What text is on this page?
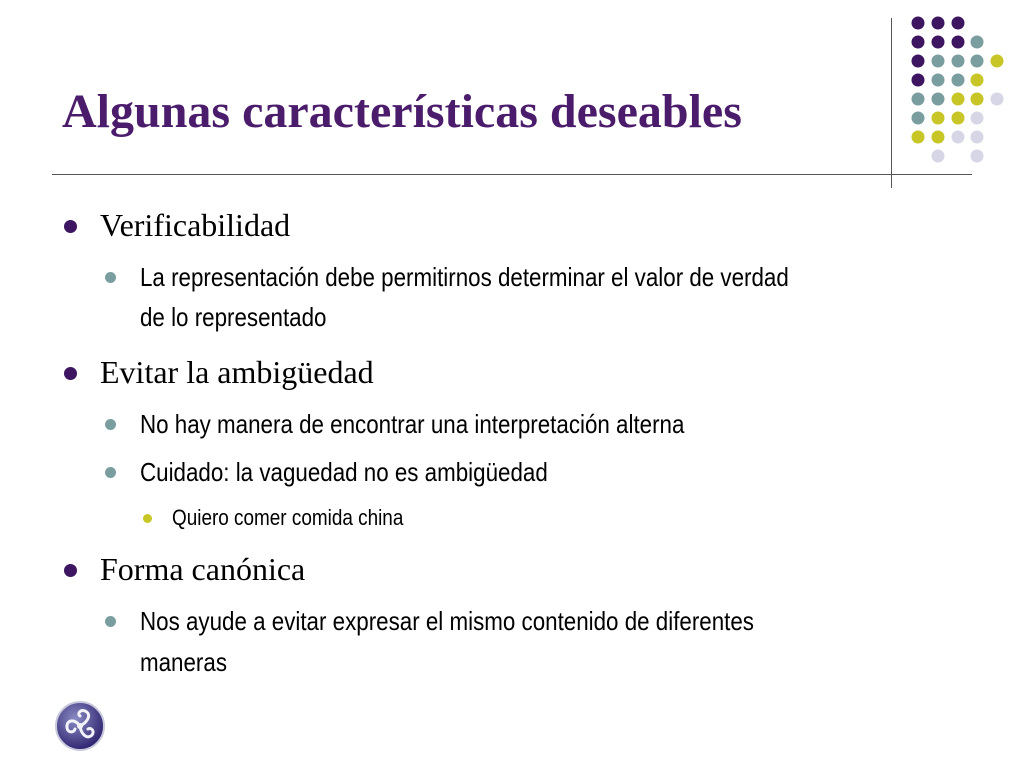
Algunas características deseables
Verificabilidad
La representación debe permitirnos determinar el valor de verdad
de lo representado
Evitar la ambigüedad
No hay manera de encontrar una interpretación alterna
Cuidado: la vaguedad no es ambigüedad
Quiero comer comida china
Forma canónica
Nos ayude a evitar expresar el mismo contenido de diferentes
maneras
